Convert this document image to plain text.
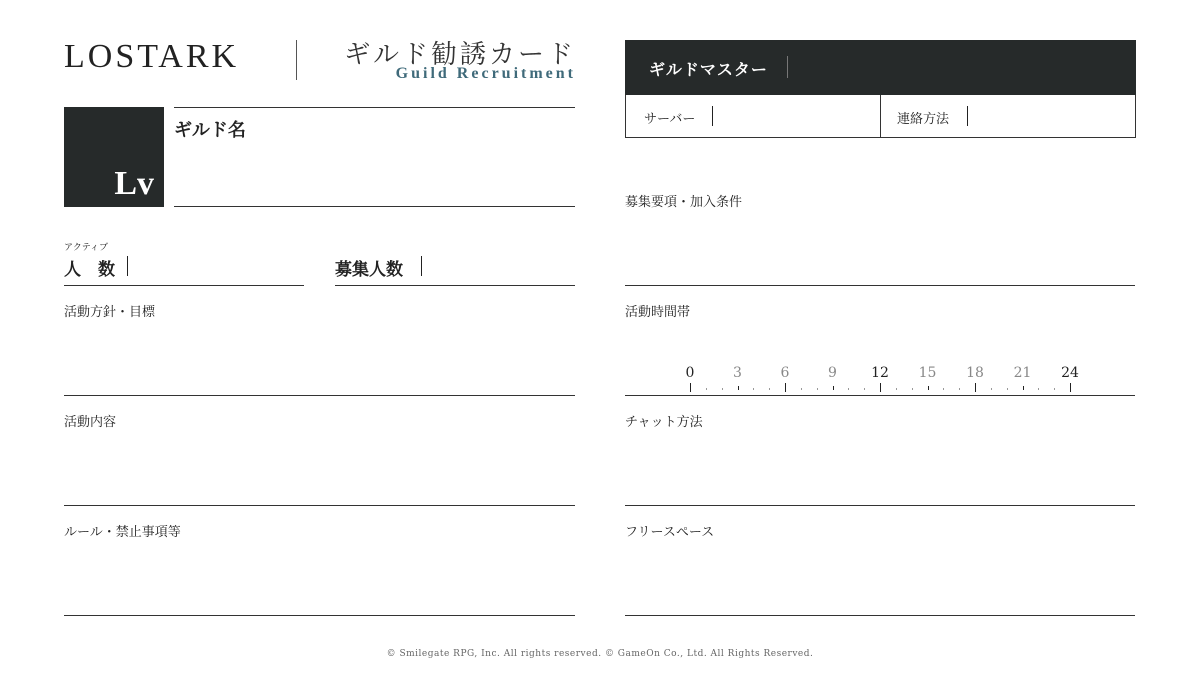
LOSTARK	ギルド勧誘カード
Guild Recruitment
Lv
ギルド名
アクティブ
人　数	募集人数
活動方針・目標
活動内容
ルール・禁止事項等
ギルドマスター
サーバー	連絡方法
募集要項・加入条件
活動時間帯
0	3	6	9	12	15	18	21	24
チャット方法
フリースペース
© Smilegate RPG, Inc. All rights reserved. © GameOn Co., Ltd. All Rights Reserved.
